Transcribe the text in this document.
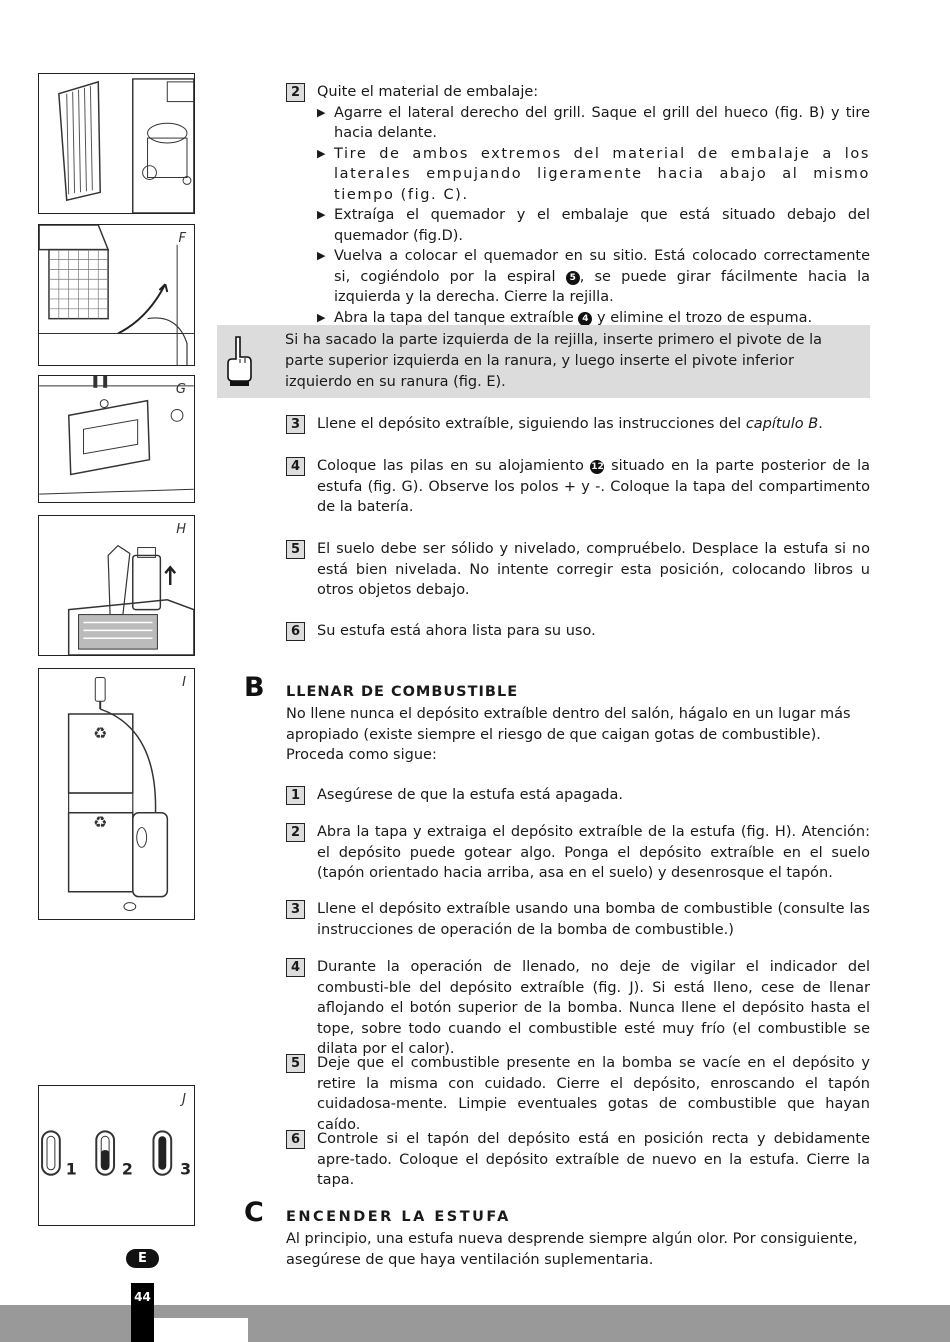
F
G
H
♻
♻
I
1	2	3
J
2	Quite el material de embalaje:
▶ Agarre el lateral derecho del grill. Saque el grill del hueco (fig. B) y tire hacia delante.
▶ Tire de ambos extremos del material de embalaje a los laterales empujando ligeramente hacia abajo al mismo tiempo (fig. C).
▶ Extraíga el quemador y el embalaje que está situado debajo del quemador (fig.D).
▶ Vuelva a colocar el quemador en su sitio. Está colocado correctamente si, cogiéndolo por la espiral 5 , se puede girar fácilmente hacia la izquierda y la derecha. Cierre la rejilla.
▶ Abra la tapa del tanque extraíble 4 y elimine el trozo de espuma.
Si ha sacado la parte izquierda de la rejilla, inserte primero el pivote de la parte superior izquierda en la ranura, y luego inserte el pivote inferior izquierdo en su ranura (fig. E).
3	Llene el depósito extraíble, siguiendo las instrucciones del capítulo B.
4	Coloque las pilas en su alojamiento 12 situado en la parte posterior de la estufa (fig. G). Observe los polos + y -. Coloque la tapa del compartimento de la batería.
5	El suelo debe ser sólido y nivelado, compruébelo. Desplace la estufa si no está bien nivelada. No intente corregir esta posición, colocando libros u otros objetos debajo.
6	Su estufa está ahora lista para su uso.
B LLENAR DE COMBUSTIBLE
No llene nunca el depósito extraíble dentro del salón, hágalo en un lugar más apropiado (existe siempre el riesgo de que caigan gotas de combustible). Proceda como sigue:
1	Asegúrese de que la estufa está apagada.
2	Abra la tapa y extraiga el depósito extraíble de la estufa (fig. H). Atención: el depósito puede gotear algo. Ponga el depósito extraíble en el suelo (tapón orientado hacia arriba, asa en el suelo) y desenrosque el tapón.
3	Llene el depósito extraíble usando una bomba de combustible (consulte las instrucciones de operación de la bomba de combustible.)
4	Durante la operación de llenado, no deje de vigilar el indicador del combusti-ble del depósito extraíble (fig. J). Si está lleno, cese de llenar aflojando el botón superior de la bomba. Nunca llene el depósito hasta el tope, sobre todo cuando el combustible esté muy frío (el combustible se dilata por el calor).
5	Deje que el combustible presente en la bomba se vacíe en el depósito y retire la misma con cuidado. Cierre el depósito, enroscando el tapón cuidadosa-mente. Limpie eventuales gotas de combustible que hayan caído.
6	Controle si el tapón del depósito está en posición recta y debidamente apre-tado. Coloque el depósito extraíble de nuevo en la estufa. Cierre la tapa.
C ENCENDER LA ESTUFA
Al principio, una estufa nueva desprende siempre algún olor. Por consiguiente, asegúrese de que haya ventilación suplementaria.
E
44
